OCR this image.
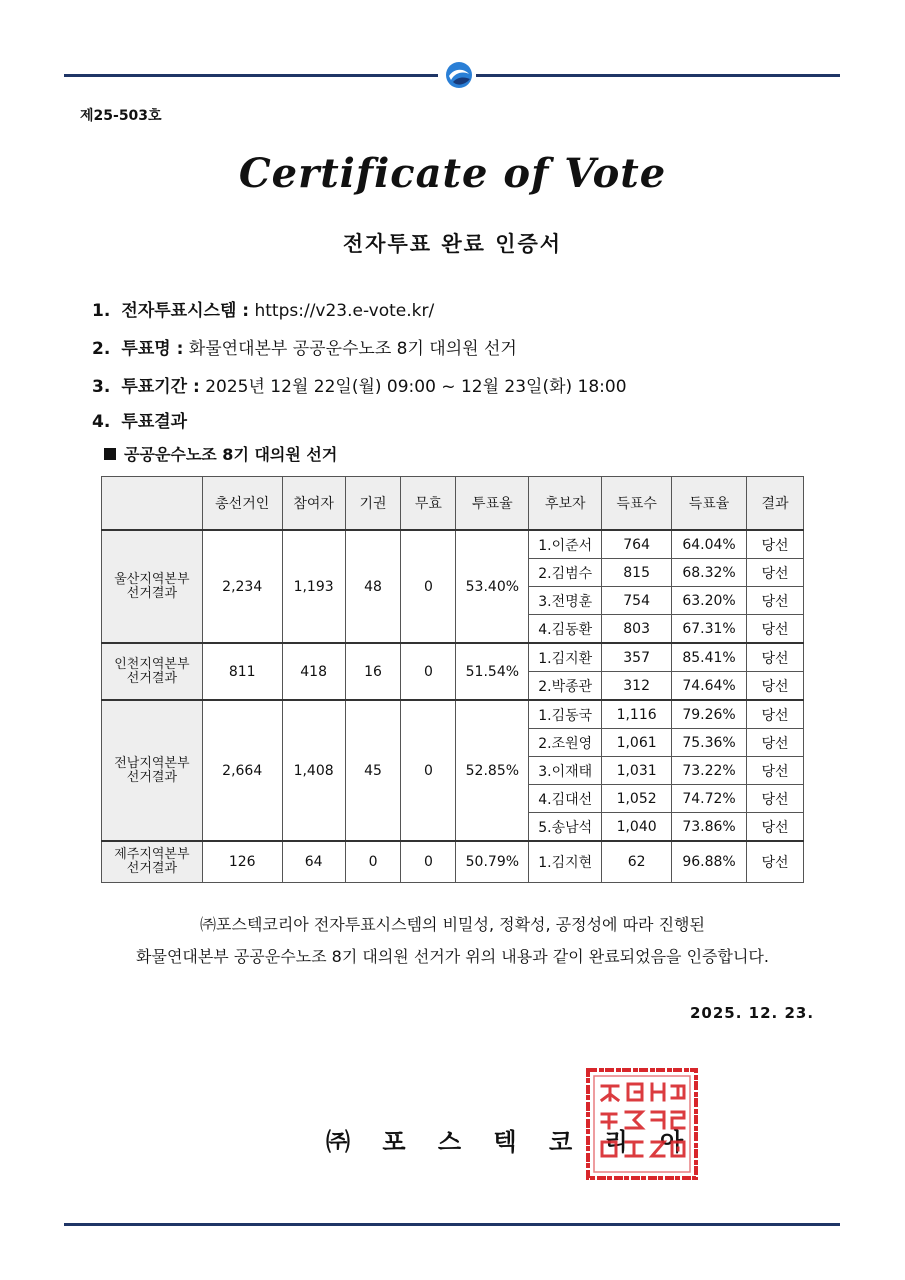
제25-503호
Certificate of Vote
전자투표 완료 인증서
1. 전자투표시스템 : https://v23.e-vote.kr/
2. 투표명 : 화물연대본부 공공운수노조 8기 대의원 선거
3. 투표기간 : 2025년 12월 22일(월) 09:00 ~ 12월 23일(화) 18:00
4. 투표결과
공공운수노조 8기 대의원 선거
	총선거인	참여자	기권	무효	투표율	후보자	득표수	득표율	결과
울산지역본부
선거결과	2,234	1,193	48	0	53.40%	1.이준서	764	64.04%	당선
						2.김범수	815	68.32%	당선
						3.전명훈	754	63.20%	당선
						4.김동환	803	67.31%	당선
인천지역본부
선거결과	811	418	16	0	51.54%	1.김지환	357	85.41%	당선
						2.박종관	312	74.64%	당선
전남지역본부
선거결과	2,664	1,408	45	0	52.85%	1.김동국	1,116	79.26%	당선
						2.조원영	1,061	75.36%	당선
						3.이재태	1,031	73.22%	당선
						4.김대선	1,052	74.72%	당선
						5.송남석	1,040	73.86%	당선
제주지역본부
선거결과	126	64	0	0	50.79%	1.김지현	62	96.88%	당선
㈜포스텍코리아 전자투표시스템의 비밀성, 정확성, 공정성에 따라 진행된
화물연대본부 공공운수노조 8기 대의원 선거가 위의 내용과 같이 완료되었음을 인증합니다.
2025. 12. 23.
㈜ 포 스 텍 코 리 아
